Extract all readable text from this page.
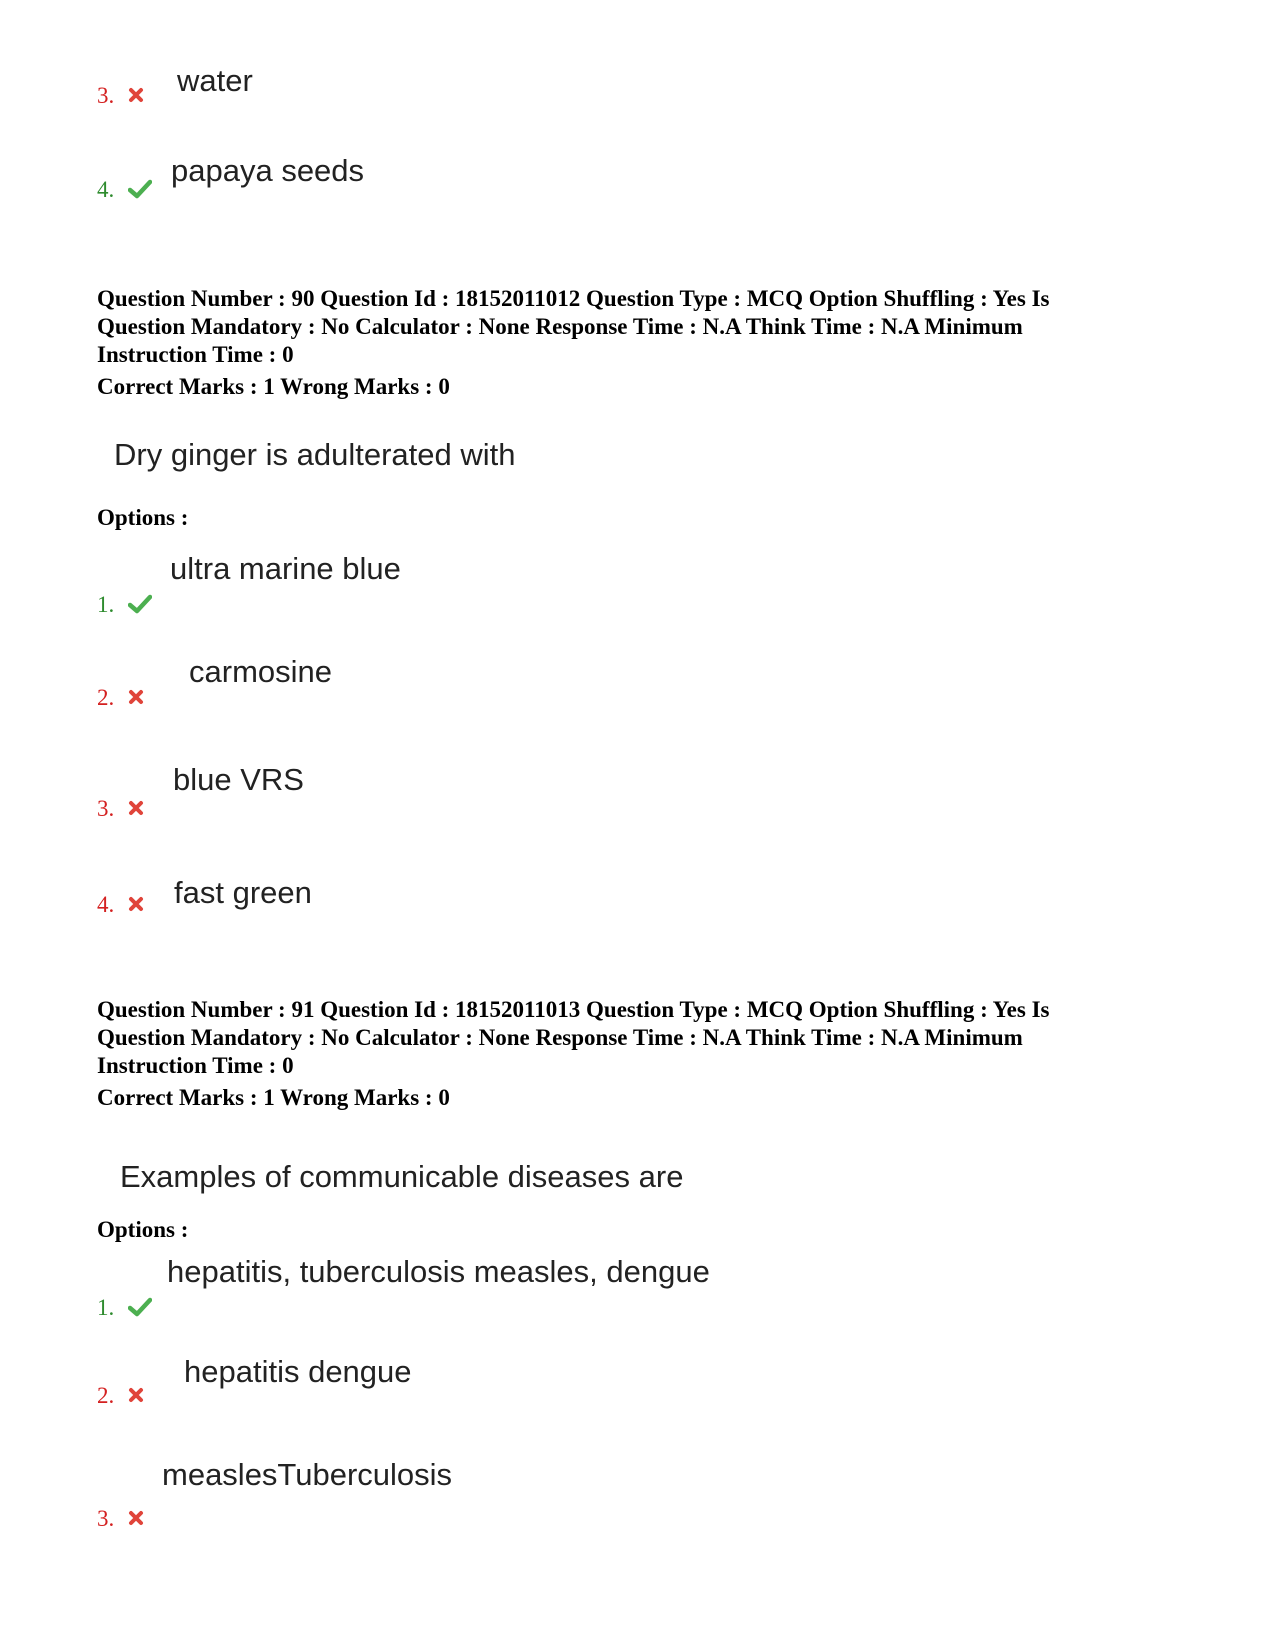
3.	water
4.
papaya seeds
Question Number : 90 Question Id : 18152011012 Question Type : MCQ Option Shuffling : Yes Is
Question Mandatory : No Calculator : None Response Time : N.A Think Time : N.A Minimum
Instruction Time : 0
Correct Marks : 1 Wrong Marks : 0
Dry ginger is adulterated with
Options :
1.
ultra marine blue
2.
carmosine
3.
blue VRS
4.	fast green
Question Number : 91 Question Id : 18152011013 Question Type : MCQ Option Shuffling : Yes Is
Question Mandatory : No Calculator : None Response Time : N.A Think Time : N.A Minimum
Instruction Time : 0
Correct Marks : 1 Wrong Marks : 0
Examples of communicable diseases are
Options :
1.
hepatitis, tuberculosis measles, dengue
2.
hepatitis dengue
3.
measlesTuberculosis
